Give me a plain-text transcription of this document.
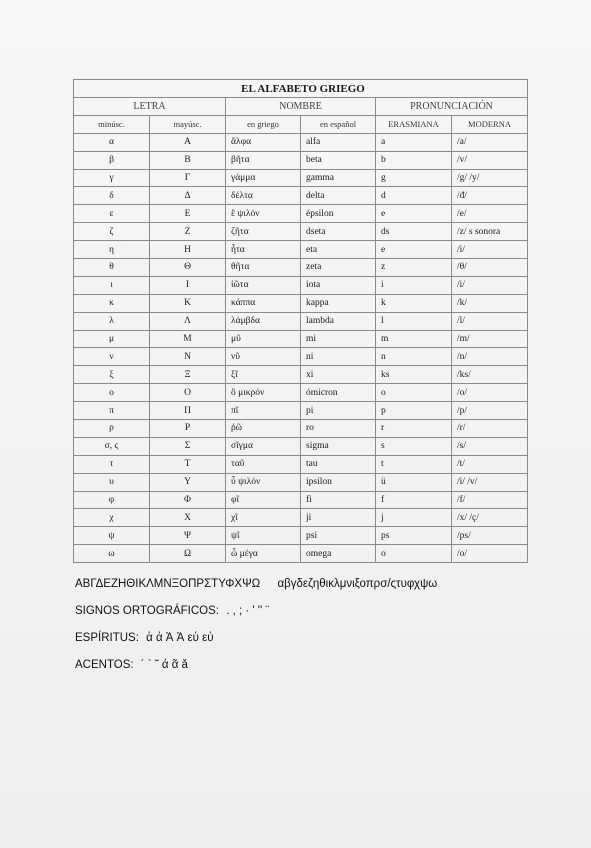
EL ALFABETO GRIEGO					
LETRA		NOMBRE		PRONUNCIACIÓN	
minúsc.	mayúsc.	en griego	en español	ERASMIANA	MODERNA
α	Α	ἄλφα	alfa	a	/a/
β	Β	βῆτα	beta	b	/v/
γ	Γ	γάμμα	gamma	g	/g/ /y/
δ	Δ	δέλτα	delta	d	/đ/
ε	Ε	ἒ ψιλόν	épsilon	e	/e/
ζ	Ζ	ζῆτα	dseta	ds	/z/ s sonora
η	Η	ἦτα	eta	e	/i/
θ	Θ	θῆτα	zeta	z	/θ/
ι	Ι	ἰῶτα	iota	i	/i/
κ	Κ	κάππα	kappa	k	/k/
λ	Λ	λάμβδα	lambda	l	/l/
μ	Μ	μῦ	mi	m	/m/
ν	Ν	νῦ	ni	n	/n/
ξ	Ξ	ξῖ	xi	ks	/ks/
ο	Ο	ὂ μικρόν	ómicron	o	/o/
π	Π	πῖ	pi	p	/p/
ρ	Ρ	ῥῶ	ro	r	/r/
σ, ς	Σ	σῖγμα	sigma	s	/s/
τ	Τ	ταῦ	tau	t	/t/
υ	Υ	ὖ ψιλόν	ípsilon	ü	/i/ /v/
φ	Φ	φῖ	fi	f	/f/
χ	Χ	χῖ	ji	j	/x/ /ç/
ψ	Ψ	ψῖ	psi	ps	/ps/
ω	Ω	ὦ μέγα	omega	o	/o/
ΑΒΓΔΕΖΗΘΙΚΛΜΝΞΟΠΡΣΤΥΦΧΨΩ αβγδεζηθικλμνιξοπρσ/ςτυφχψω
SIGNOS ORTOGRÁFICOS: . , ; · ' '' ¨
ESPÍRITUS: ἁ ἀ Ἁ Ἀ εὑ εὐ
ACENTOS: ´ ` ˜ ά ᾶ ǎ
